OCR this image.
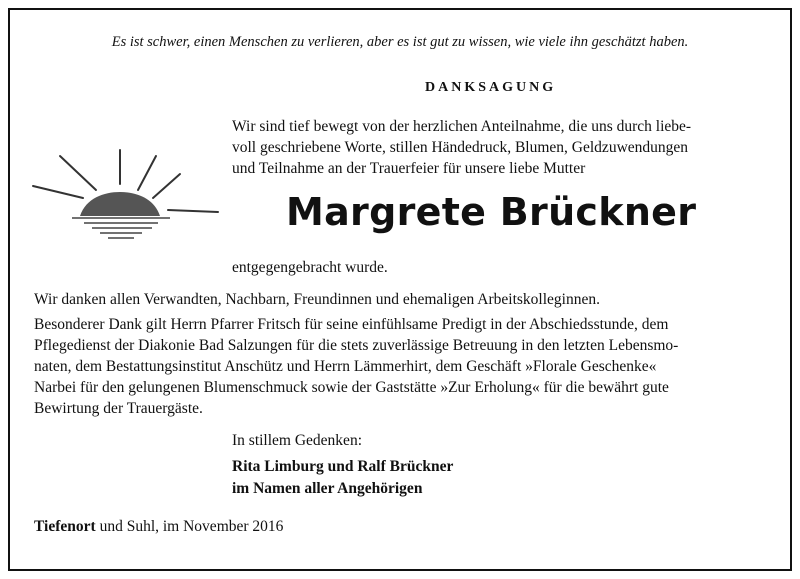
Es ist schwer, einen Menschen zu verlieren, aber es ist gut zu wissen, wie viele ihn geschätzt haben.
DANKSAGUNG
Wir sind tief bewegt von der herzlichen Anteilnahme, die uns durch liebe-
voll geschriebene Worte, stillen Händedruck, Blumen, Geldzuwendungen
und Teilnahme an der Trauerfeier für unsere liebe Mutter
Margrete Brückner
entgegengebracht wurde.
Wir danken allen Verwandten, Nachbarn, Freundinnen und ehemaligen Arbeitskolleginnen.
Besonderer Dank gilt Herrn Pfarrer Fritsch für seine einfühlsame Predigt in der Abschiedsstunde, dem
Pflegedienst der Diakonie Bad Salzungen für die stets zuverlässige Betreuung in den letzten Lebensmo-
naten, dem Bestattungsinstitut Anschütz und Herrn Lämmerhirt, dem Geschäft »Florale Geschenke«
Narbei für den gelungenen Blumenschmuck sowie der Gaststätte »Zur Erholung« für die bewährt gute
Bewirtung der Trauergäste.
In stillem Gedenken:
Rita Limburg und Ralf Brückner
im Namen aller Angehörigen
Tiefenort und Suhl, im November 2016
